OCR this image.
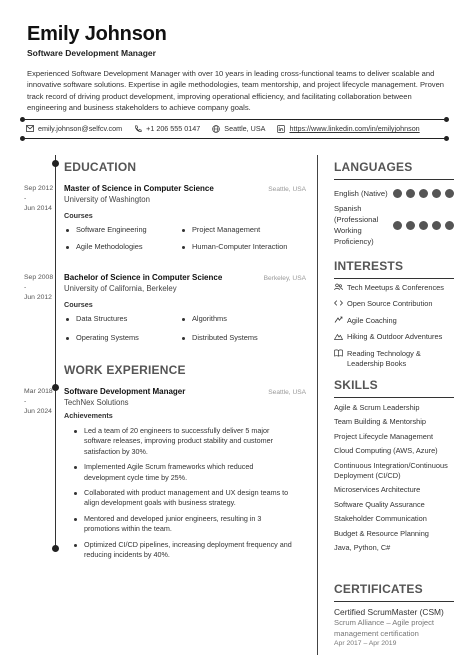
Emily Johnson
Software Development Manager
Experienced Software Development Manager with over 10 years in leading cross-functional teams to deliver scalable and innovative software solutions. Expertise in agile methodologies, team mentorship, and project lifecycle management. Proven track record of driving product development, improving operational efficiency, and facilitating collaboration between engineering and business stakeholders to achieve company goals.
emily.johnson@selfcv.com	+1 206 555 0147	Seattle, USA	https://www.linkedin.com/in/emilyjohnson
EDUCATION
Sep 2012
-
Jun 2014
Master of Science in Computer Science	Seattle, USA
University of Washington
Courses
Software Engineering	Project Management
Agile Methodologies	Human-Computer Interaction
Sep 2008
-
Jun 2012
Bachelor of Science in Computer Science	Berkeley, USA
University of California, Berkeley
Courses
Data Structures	Algorithms
Operating Systems	Distributed Systems
WORK EXPERIENCE
Mar 2018
-
Jun 2024
Software Development Manager	Seattle, USA
TechNex Solutions
Achievements
Led a team of 20 engineers to successfully deliver 5 major software releases, improving product stability and customer satisfaction by 30%.
Implemented Agile Scrum frameworks which reduced development cycle time by 25%.
Collaborated with product management and UX design teams to align development goals with business strategy.
Mentored and developed junior engineers, resulting in 3 promotions within the team.
Optimized CI/CD pipelines, increasing deployment frequency and reducing incidents by 40%.
LANGUAGES
English (Native)
Spanish (Professional Working Proficiency)
INTERESTS
Tech Meetups & Conferences
Open Source Contribution
Agile Coaching
Hiking & Outdoor Adventures
Reading Technology & Leadership Books
SKILLS
Agile & Scrum Leadership
Team Building & Mentorship
Project Lifecycle Management
Cloud Computing (AWS, Azure)
Continuous Integration/Continuous Deployment (CI/CD)
Microservices Architecture
Software Quality Assurance
Stakeholder Communication
Budget & Resource Planning
Java, Python, C#
CERTIFICATES
Certified ScrumMaster (CSM)
Scrum Alliance – Agile project management certification
Apr 2017 – Apr 2019
